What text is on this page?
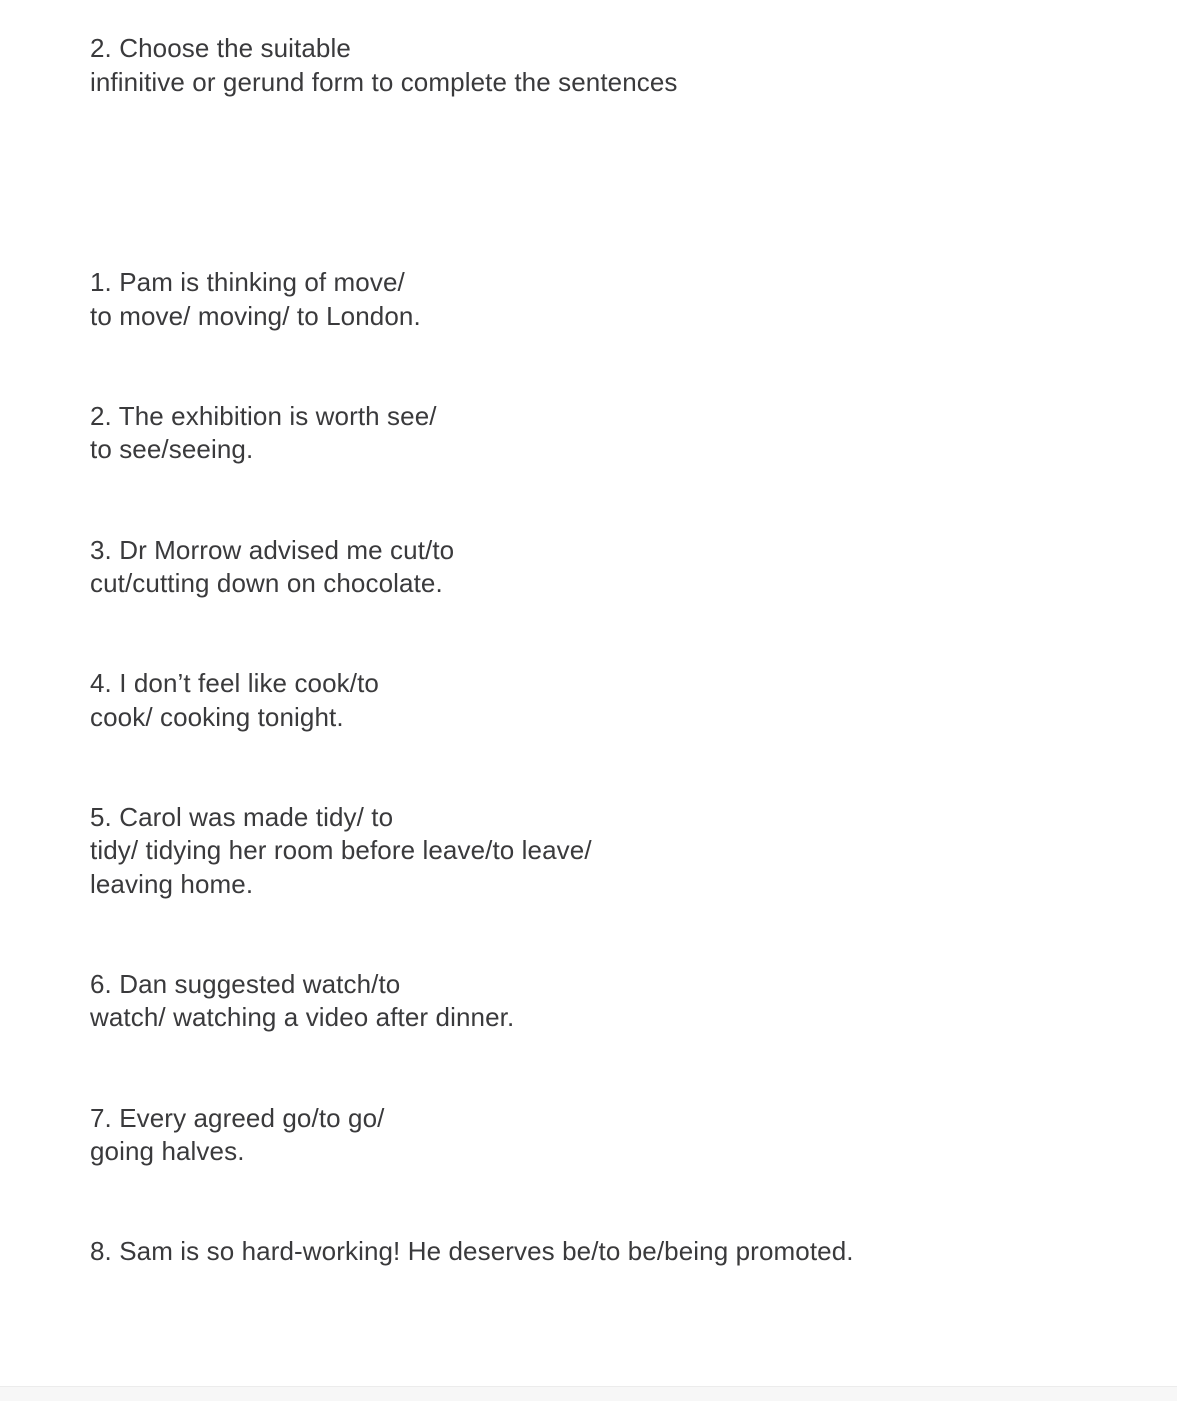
2. Choose the suitable

infinitive or gerund form to complete the sentences

1. Pam is thinking of move/

to move/ moving/ to London.

2. The exhibition is worth see/

to see/seeing.

3. Dr Morrow advised me cut/to

cut/cutting down on chocolate.

4. I don’t feel like cook/to

cook/ cooking tonight.

5. Carol was made tidy/ to

tidy/ tidying her room before leave/to leave/

leaving home.

6. Dan suggested watch/to

watch/ watching a video after dinner.

7. Every agreed go/to go/

going halves.

8. Sam is so hard-working! He deserves be/to be/being promoted.
